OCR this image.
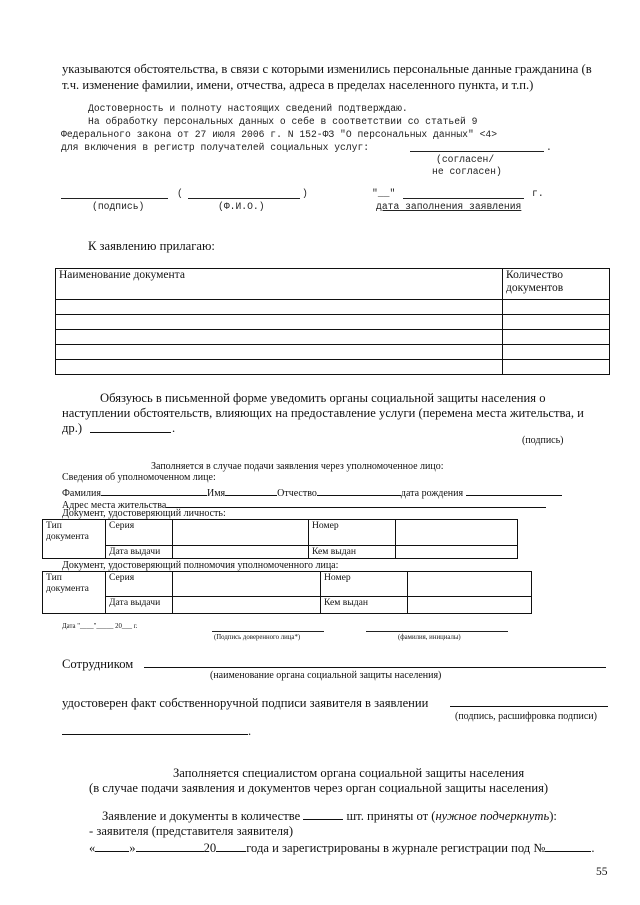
указываются обстоятельства, в связи с которыми изменились персональные данные гражданина (в
т.ч. изменение фамилии, имени, отчества, адреса в пределах населенного пункта, и т.п.)
Достоверность и полноту настоящих сведений подтверждаю.
На обработку персональных данных о себе в соответствии со статьей 9
Федерального закона от 27 июля 2006 г. N 152-ФЗ "О персональных данных" <4>
для включения в регистр получателей социальных услуг:	.
(согласен/
не согласен)
(	)	"__"	г.
(подпись)	(Ф.И.О.)	дата заполнения заявления
К заявлению прилагаю:
Наименование документа	Количество
документов

Обязуюсь в письменной форме уведомить органы социальной защиты населения о
наступлении обстоятельств, влияющих на предоставление услуги (перемена места жительства, и
др.)	.
(подпись)
Заполняется в случае подачи заявления через уполномоченное лицо:
Сведения об уполномоченном лице:
Фамилия	Имя	Отчество	дата рождения
Адрес места жительства
Документ, удостоверяющий личность:
Тип
документа	Серия		Номер	
	Дата выдачи		Кем выдан	
Документ, удостоверяющий полномочия уполномоченного лица:
Тип
документа	Серия		Номер	
	Дата выдачи		Кем выдан	
Дата "____"_____ 20___ г.
(Подпись доверенного лица*)	(фамилия, инициалы)
Сотрудником
(наименование органа социальной защиты населения)
удостоверен факт собственноручной подписи заявителя в заявлении
(подпись, расшифровка подписи)
.
Заполняется специалистом органа социальной защиты населения
(в случае подачи заявления и документов через орган социальной защиты населения)
Заявление и документы в количестве	шт. приняты от (нужное подчеркнуть):
- заявителя (представителя заявителя)
«	»	20 года и зарегистрированы в журнале регистрации под №	.
55
